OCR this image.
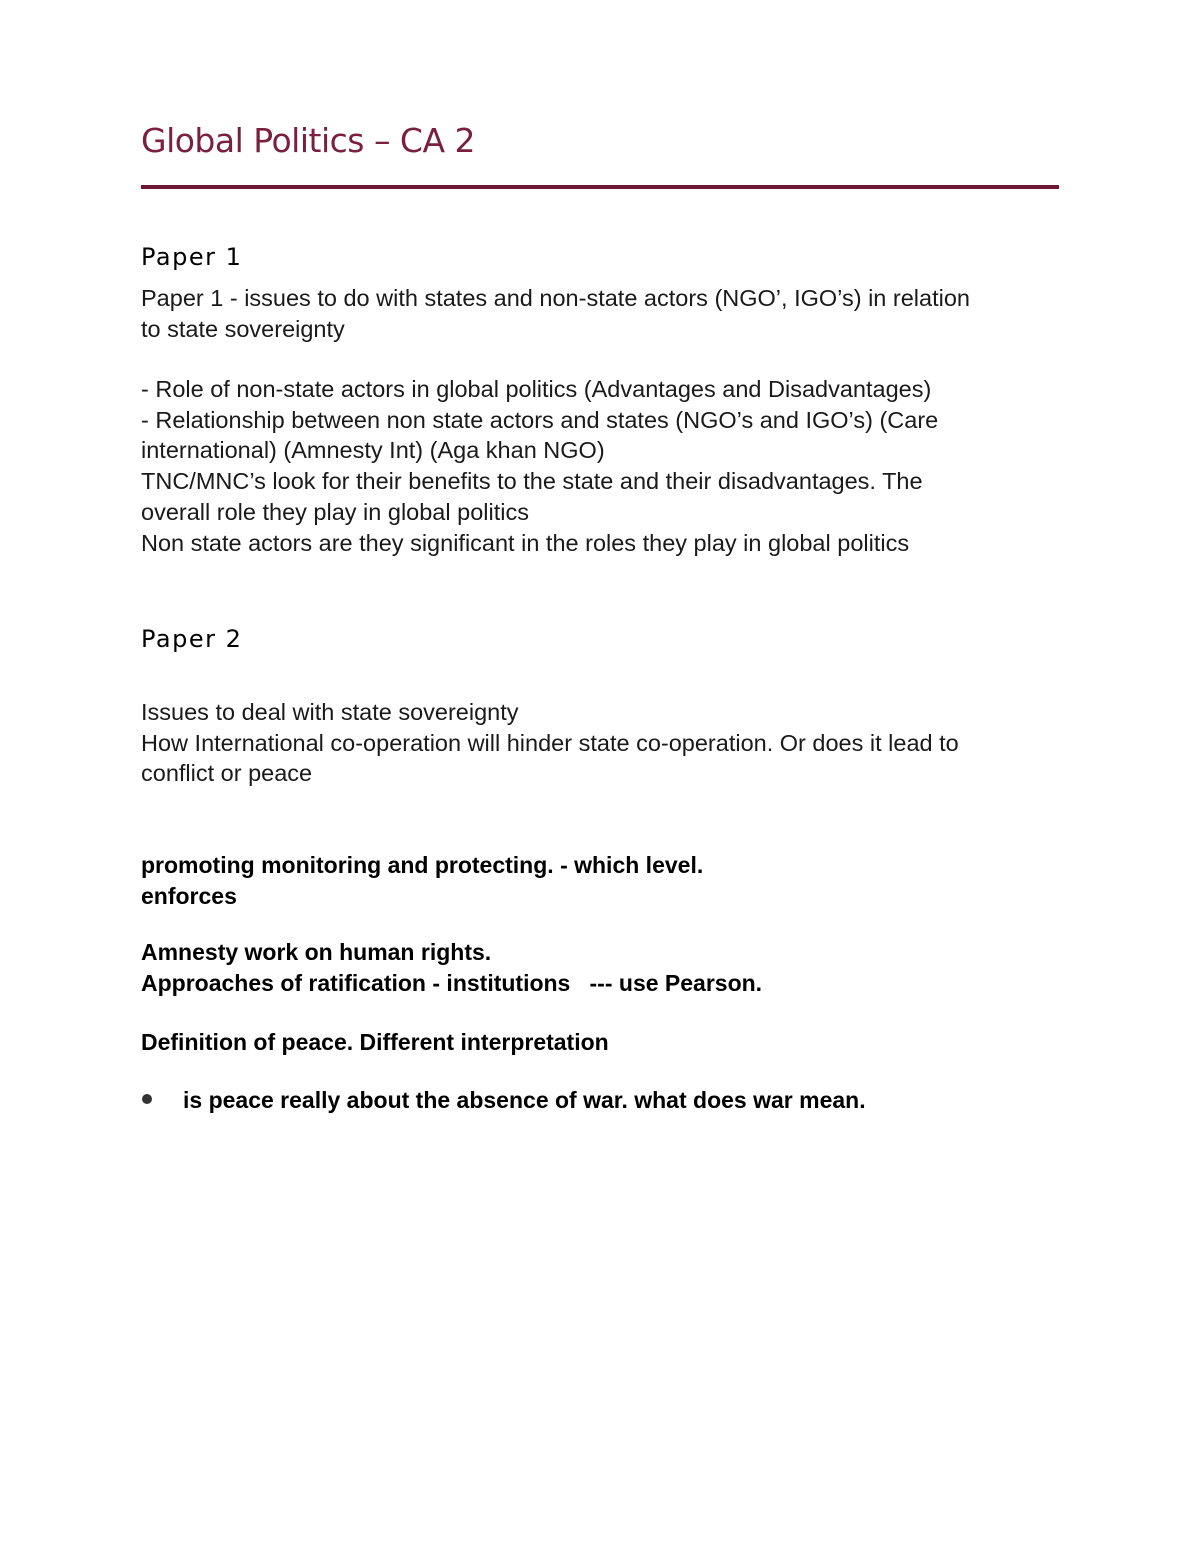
Global Politics – CA 2
Paper 1

Paper 1 - issues to do with states and non-state actors (NGO’, IGO’s) in relation

to state sovereignty

- Role of non-state actors in global politics (Advantages and Disadvantages)

- Relationship between non state actors and states (NGO’s and IGO’s) (Care

international) (Amnesty Int) (Aga khan NGO)

TNC/MNC’s look for their benefits to the state and their disadvantages. The

overall role they play in global politics

Non state actors are they significant in the roles they play in global politics

Paper 2

Issues to deal with state sovereignty

How International co-operation will hinder state co-operation. Or does it lead to

conflict or peace

promoting monitoring and protecting. - which level.

enforces

Amnesty work on human rights.

Approaches of ratification - institutions   --- use Pearson.

Definition of peace. Different interpretation

is peace really about the absence of war. what does war mean.
